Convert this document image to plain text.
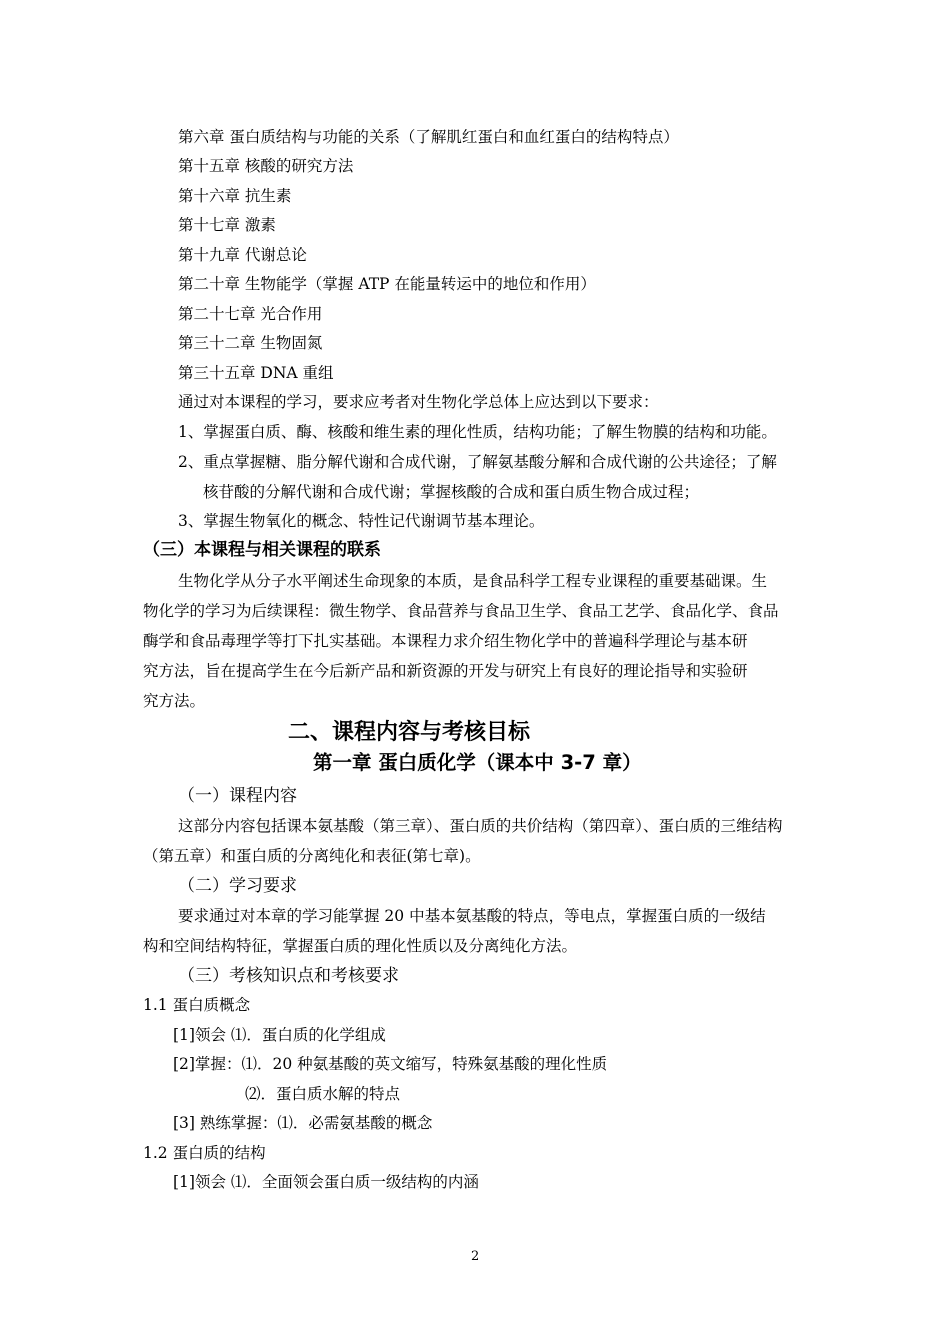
第六章 蛋白质结构与功能的关系（了解肌红蛋白和血红蛋白的结构特点）
第十五章 核酸的研究方法
第十六章 抗生素
第十七章 激素
第十九章 代谢总论
第二十章 生物能学（掌握 ATP 在能量转运中的地位和作用）
第二十七章 光合作用
第三十二章 生物固氮
第三十五章 DNA 重组
通过对本课程的学习，要求应考者对生物化学总体上应达到以下要求：
1、掌握蛋白质、酶、核酸和维生素的理化性质，结构功能；了解生物膜的结构和功能。
2、重点掌握糖、脂分解代谢和合成代谢，了解氨基酸分解和合成代谢的公共途径；了解
核苷酸的分解代谢和合成代谢；掌握核酸的合成和蛋白质生物合成过程；
3、掌握生物氧化的概念、特性记代谢调节基本理论。
（三）本课程与相关课程的联系
生物化学从分子水平阐述生命现象的本质，是食品科学工程专业课程的重要基础课。生
物化学的学习为后续课程：微生物学、食品营养与食品卫生学、食品工艺学、食品化学、食品
酶学和食品毒理学等打下扎实基础。本课程力求介绍生物化学中的普遍科学理论与基本研
究方法，旨在提高学生在今后新产品和新资源的开发与研究上有良好的理论指导和实验研
究方法。
二、课程内容与考核目标
第一章 蛋白质化学（课本中 3-7 章）
（一）课程内容
这部分内容包括课本氨基酸（第三章）、蛋白质的共价结构（第四章）、蛋白质的三维结构
（第五章）和蛋白质的分离纯化和表征(第七章)。
（二）学习要求
要求通过对本章的学习能掌握 20 中基本氨基酸的特点，等电点，掌握蛋白质的一级结
构和空间结构特征，掌握蛋白质的理化性质以及分离纯化方法。
（三）考核知识点和考核要求
1.1 蛋白质概念
[1]领会 ⑴．蛋白质的化学组成
[2]掌握：⑴．20 种氨基酸的英文缩写，特殊氨基酸的理化性质
⑵．蛋白质水解的特点
[3] 熟练掌握：⑴．必需氨基酸的概念
1.2 蛋白质的结构
[1]领会 ⑴．全面领会蛋白质一级结构的内涵
2
